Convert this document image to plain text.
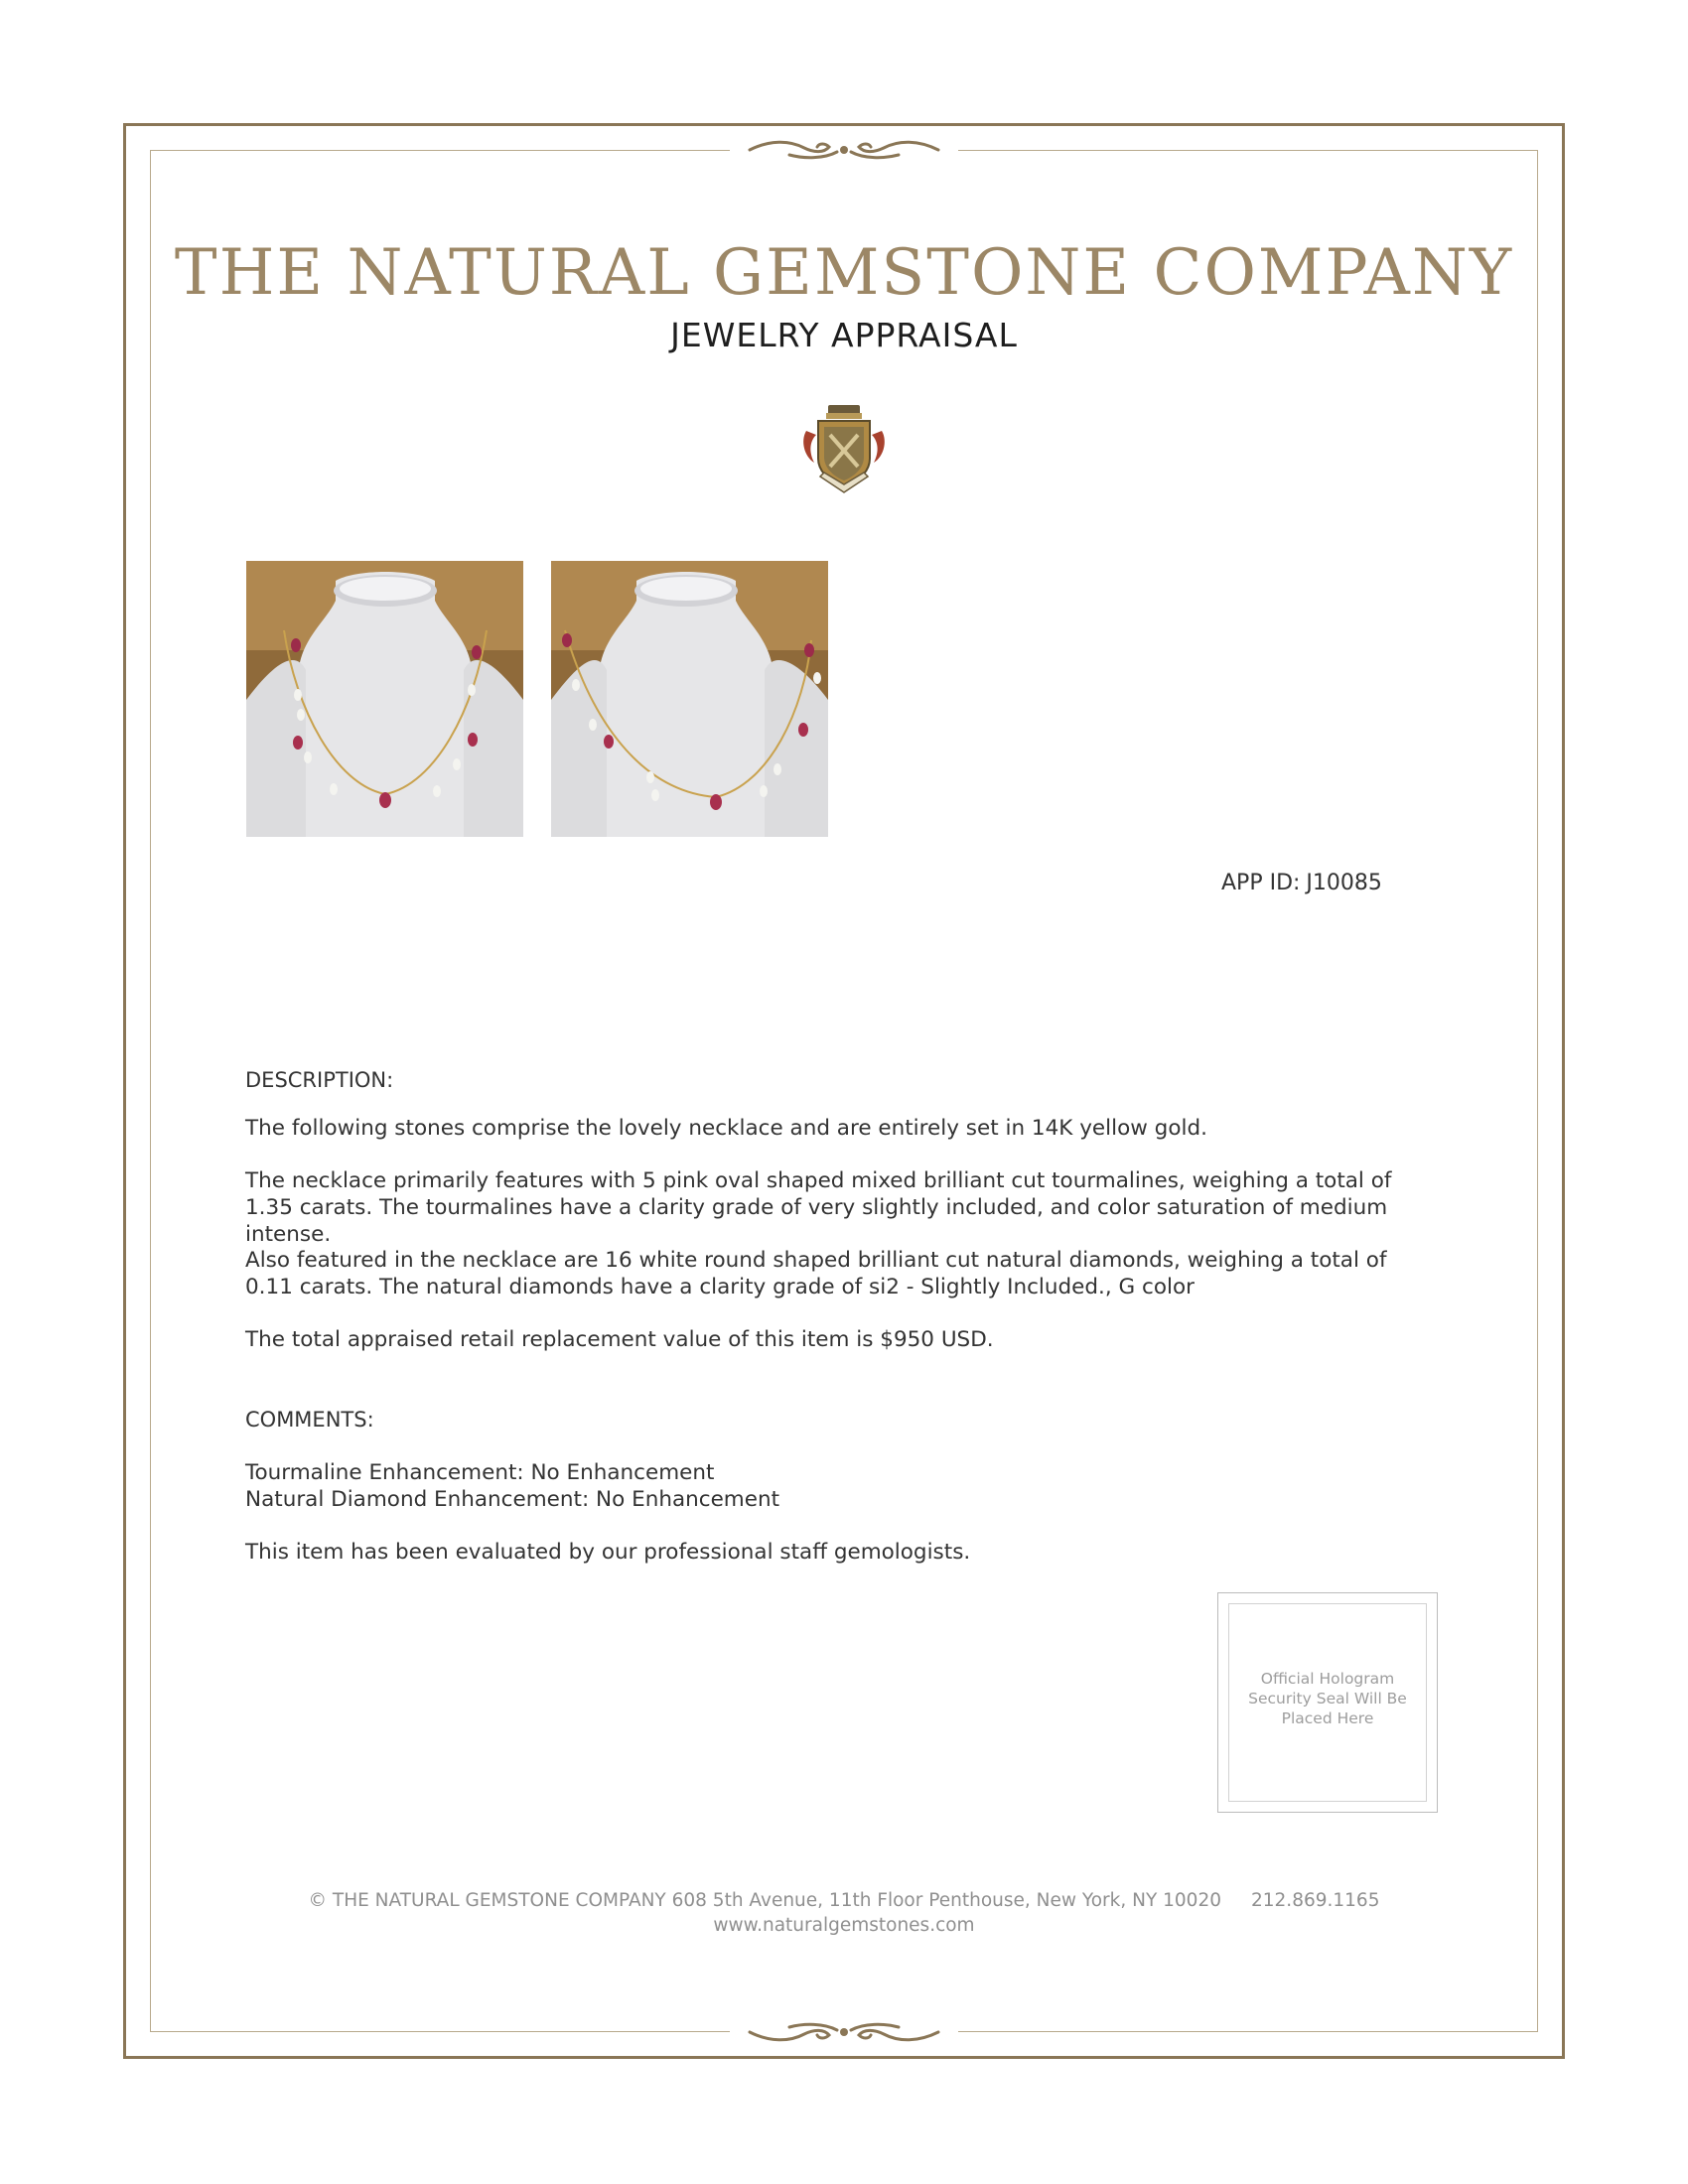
THE NATURAL GEMSTONE COMPANY
JEWELRY APPRAISAL
APP ID: J10085
DESCRIPTION:
The following stones comprise the lovely necklace and are entirely set in 14K yellow gold.
The necklace primarily features with 5 pink oval shaped mixed brilliant cut tourmalines, weighing a total of 1.35 carats. The tourmalines have a clarity grade of very slightly included, and color saturation of medium intense.
Also featured in the necklace are 16 white round shaped brilliant cut natural diamonds, weighing a total of 0.11 carats. The natural diamonds have a clarity grade of si2 - Slightly Included., G color
The total appraised retail replacement value of this item is $950 USD.
COMMENTS:
Tourmaline Enhancement: No Enhancement
Natural Diamond Enhancement: No Enhancement
This item has been evaluated by our professional staff gemologists.
Official Hologram Security Seal Will Be Placed Here
© THE NATURAL GEMSTONE COMPANY 608 5th Avenue, 11th Floor Penthouse, New York, NY 10020 212.869.1165
www.naturalgemstones.com
